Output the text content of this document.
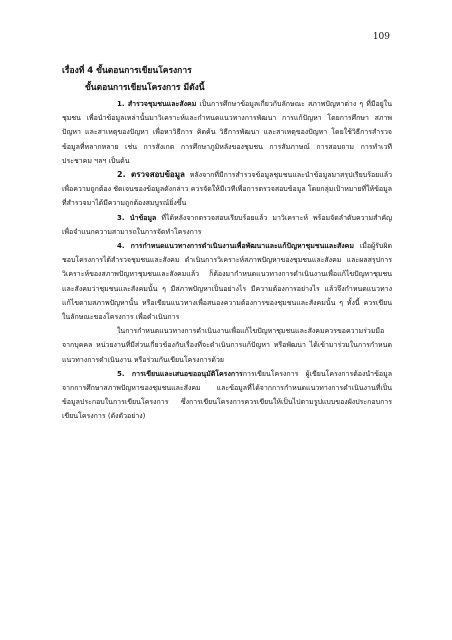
109

เรื่องที่ 4 ขั้นตอนการเขียนโครงการ

ขั้นตอนการเขียนโครงการ มีดังนี้

1. สำรวจชุมชนและสังคม เป็นการศึกษาข้อมูลเกี่ยวกับลักษณะ สภาพปัญหาต่าง ๆ ที่มีอยู่ในชุมชน เพื่อนำข้อมูลเหล่านั้นมาวิเคราะห์และกำหนดแนวทางการพัฒนา การแก้ปัญหา โดยการศึกษา สภาพปัญหา และสาเหตุของปัญหา เพื่อหาวิธีการ คิดค้น วิธีการพัฒนา และสาเหตุของปัญหา โดยใช้วิธีการสำรวจข้อมูลที่หลากหลาย เช่น การสังเกต การศึกษาภูมิหลังของชุมชน การสัมภาษณ์ การสอบถาม การทำเวทีประชาคม ฯลฯ เป็นต้น

2. ตรวจสอบข้อมูล หลังจากที่มีการสำรวจข้อมูลชุมชนและนำข้อมูลมาสรุปเรียบร้อยแล้ว เพื่อความถูกต้อง ชัดเจนของข้อมูลดังกล่าว ควรจัดให้มีเวทีเพื่อการตรวจสอบข้อมูล โดยกลุ่มเป้าหมายที่ให้ข้อมูลที่สำรวจมาได้มีความถูกต้องสมบูรณ์ยิ่งขึ้น

3. นำข้อมูล ที่ได้หลังจากตรวจสอบเรียบร้อยแล้ว มาวิเคราะห์ พร้อมจัดลำดับความสำคัญเพื่อจำแนกความสามารถในการจัดทำโครงการ

4. การกำหนดแนวทางการดำเนินงานเพื่อพัฒนาและแก้ปัญหาชุมชนและสังคม เมื่อผู้รับผิดชอบโครงการได้สำรวจชุมชนและสังคม ดำเนินการวิเคราะห์สภาพปัญหาของชุมชนและสังคม และผลสรุปการวิเคราะห์ของสภาพปัญหาชุมชนและสังคมแล้ว ก็ต้องมากำหนดแนวทางการดำเนินงานเพื่อแก้ไขปัญหาชุมชนและสังคมว่าชุมชนและสังคมนั้น ๆ มีสภาพปัญหาเป็นอย่างไร มีความต้องการอย่างไร แล้วจึงกำหนดแนวทางแก้ไขตามสภาพปัญหานั้น หรือเขียนแนวทางเพื่อสนองความต้องการของชุมชนและสังคมนั้น ๆ ทั้งนี้ ควรเขียนในลักษณะของโครงการ เพื่อดำเนินการ

ในการกำหนดแนวทางการดำเนินงานเพื่อแก้ไขปัญหาชุมชนและสังคมควรขอความร่วมมือจากบุคคล หน่วยงานที่มีส่วนเกี่ยวข้องกับเรื่องที่จะดำเนินการแก้ปัญหา หรือพัฒนา ได้เข้ามาร่วมในการกำหนดแนวทางการดำเนินงาน หรือร่วมกันเขียนโครงการด้วย

5. การเขียนและเสนอขออนุมัติโครงการการเขียนโครงการ ผู้เขียนโครงการต้องนำข้อมูลจากการศึกษาสภาพปัญหาของชุมชนและสังคม และข้อมูลที่ได้จากการกำหนดแนวทางการดำเนินงานที่เป็นข้อมูลประกอบในการเขียนโครงการ ซึ่งการเขียนโครงการควรเขียนให้เป็นไปตามรูปแบบของผังประกอบการเขียนโครงการ (ดังตัวอย่าง)
